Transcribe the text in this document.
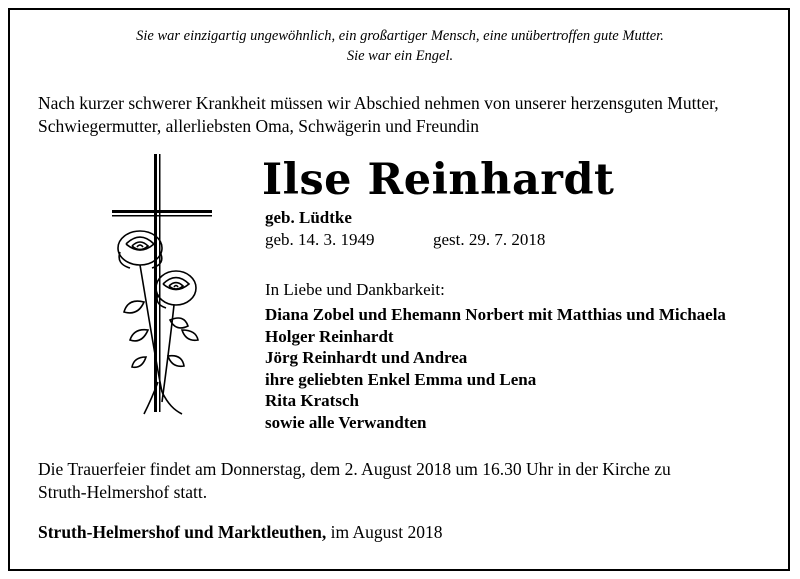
Sie war einzigartig ungewöhnlich, ein großartiger Mensch, eine unübertroffen gute Mutter.
Sie war ein Engel.
Nach kurzer schwerer Krankheit müssen wir Abschied nehmen von unserer herzensguten Mutter,
Schwiegermutter, allerliebsten Oma, Schwägerin und Freundin
Ilse Reinhardt
geb. Lüdtke
geb. 14. 3. 1949	gest. 29. 7. 2018
In Liebe und Dankbarkeit:
Diana Zobel und Ehemann Norbert mit Matthias und Michaela
Holger Reinhardt
Jörg Reinhardt und Andrea
ihre geliebten Enkel Emma und Lena
Rita Kratsch
sowie alle Verwandten
Die Trauerfeier findet am Donnerstag, dem 2. August 2018 um 16.30 Uhr in der Kirche zu
Struth-Helmershof statt.
Struth-Helmershof und Marktleuthen, im August 2018
